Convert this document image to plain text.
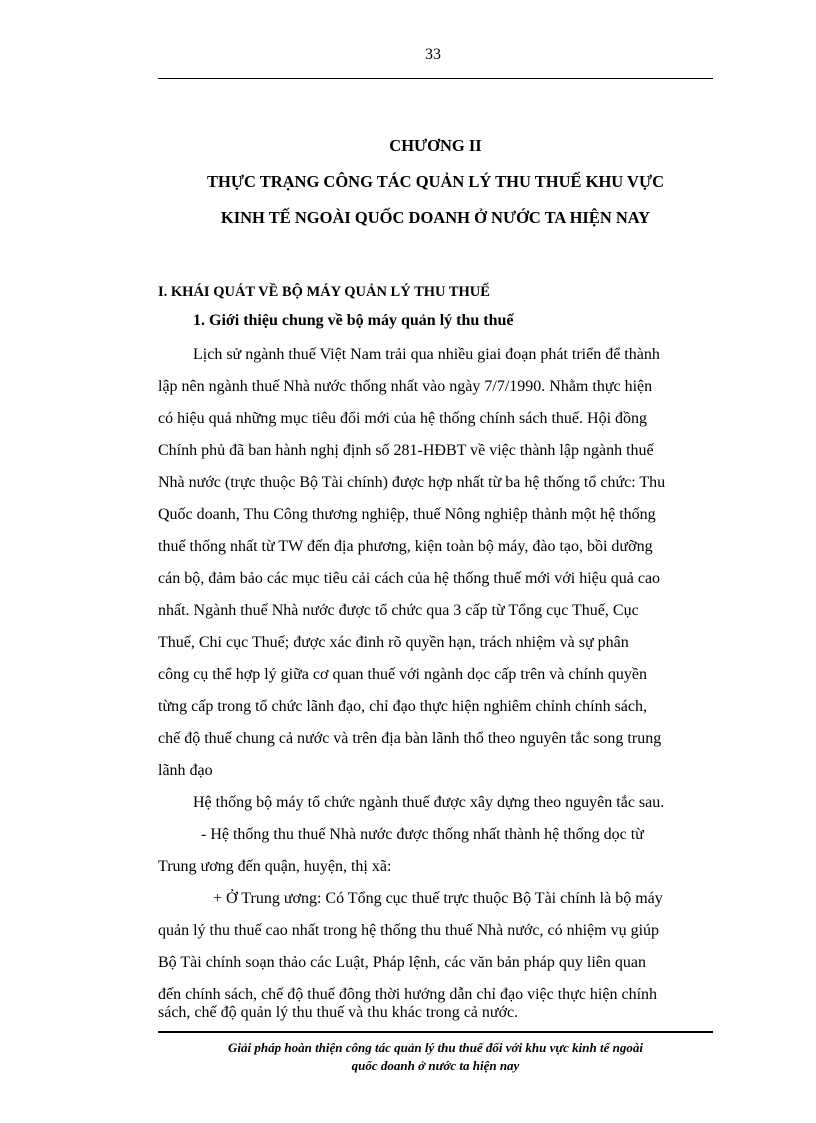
33
CHƯƠNG II
THỰC TRẠNG CÔNG TÁC QUẢN LÝ THU THUẾ KHU VỰC
KINH TẾ NGOÀI QUỐC DOANH Ở NƯỚC TA HIỆN NAY
I. KHÁI QUÁT VỀ BỘ MÁY QUẢN LÝ THU THUẾ
1. Giới thiệu chung về bộ máy quản lý thu thuế
Lịch sử ngành thuế Việt Nam trải qua nhiều giai đoạn phát triển để thành
lập nên ngành thuế Nhà nước thống nhất vào ngày 7/7/1990. Nhằm thực hiện
có hiệu quả những mục tiêu đổi mới của hệ thống chính sách thuế. Hội đồng
Chính phủ đã ban hành nghị định số 281-HĐBT về việc thành lập ngành thuế
Nhà nước (trực thuộc Bộ Tài chính) được hợp nhất từ ba hệ thống tổ chức: Thu
Quốc doanh, Thu Công thương nghiệp, thuế Nông nghiệp thành một hệ thống
thuế thống nhất từ TW đến địa phương, kiện toàn bộ máy, đào tạo, bồi dưỡng
cán bộ, đảm bảo các mục tiêu cải cách của hệ thống thuế mới với hiệu quả cao
nhất. Ngành thuế Nhà nước được tổ chức qua 3 cấp từ Tổng cục Thuế, Cục
Thuế, Chi cục Thuế; được xác đinh rõ quyền hạn, trách nhiệm và sự phân
công cụ thể hợp lý giữa cơ quan thuế với ngành dọc cấp trên và chính quyền
từng cấp trong tổ chức lãnh đạo, chỉ đạo thực hiện nghiêm chỉnh chính sách,
chế độ thuế chung cả nước và trên địa bàn lãnh thổ theo nguyên tắc song trung
lãnh đạo
Hệ thống bộ máy tổ chức ngành thuế được xây dựng theo nguyên tắc sau.
- Hệ thống thu thuế Nhà nước được thống nhất thành hệ thống dọc từ
Trung ương đến quận, huyện, thị xã:
+ Ở Trung ương: Có Tổng cục thuế trực thuộc Bộ Tài chính là bộ máy
quản lý thu thuế cao nhất trong hệ thống thu thuế Nhà nước, có nhiệm vụ giúp
Bộ Tài chính soạn thảo các Luật, Pháp lệnh, các văn bản pháp quy liên quan
đến chính sách, chế độ thuế đông thời hướng dẫn chỉ đạo việc thực hiện chính
sách, chế độ quản lý thu thuế và thu khác trong cả nước.
Giải pháp hoàn thiện công tác quản lý thu thuế đối với khu vực kinh tế ngoài
quốc doanh ở nước ta hiện nay
